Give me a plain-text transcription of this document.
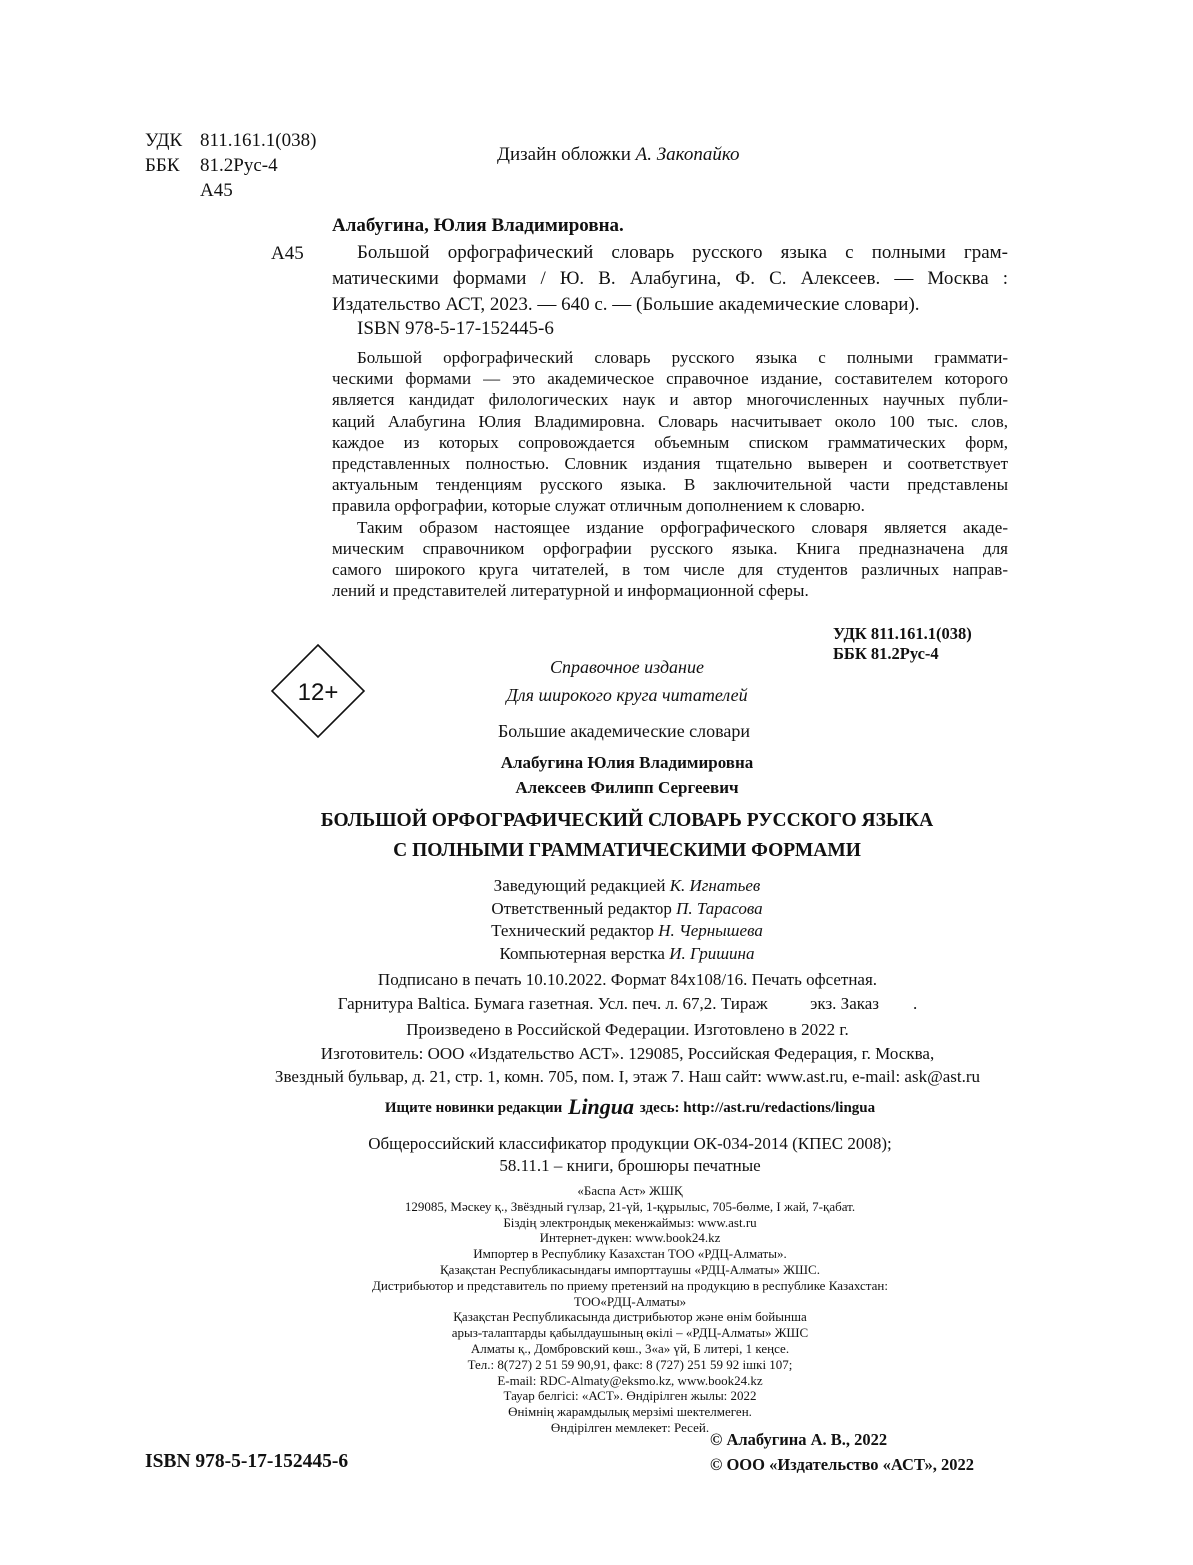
УДК 811.161.1(038)
ББК	81.2Рус-4
А45
Дизайн обложки А. Закопайко
Алабугина, Юлия Владимировна.
А45	Большой орфографический словарь русского языка с полными грам-
матическими формами / Ю. В. Алабугина, Ф. С. Алексеев. — Москва :
Издательство АСТ, 2023. — 640 с. — (Большие академические словари).
ISBN 978-5-17-152445-6
Большой орфографический словарь русского языка с полными граммати-
ческими формами — это академическое справочное издание, составителем которого
является кандидат филологических наук и автор многочисленных научных публи-
каций Алабугина Юлия Владимировна. Словарь насчитывает около 100 тыс. слов,
каждое из которых сопровождается объемным списком грамматических форм,
представленных полностью. Словник издания тщательно выверен и соответствует
актуальным тенденциям русского языка. В заключительной части представлены
правила орфографии, которые служат отличным дополнением к словарю.
Таким образом настоящее издание орфографического словаря является акаде-
мическим справочником орфографии русского языка. Книга предназначена для
самого широкого круга читателей, в том числе для студентов различных направ-
лений и представителей литературной и информационной сферы.
УДК 811.161.1(038)
ББК 81.2Рус-4
12+
Справочное издание
Для широкого круга читателей
Большие академические словари
Алабугина Юлия Владимировна
Алексеев Филипп Сергеевич
БОЛЬШОЙ ОРФОГРАФИЧЕСКИЙ СЛОВАРЬ РУССКОГО ЯЗЫКА
С ПОЛНЫМИ ГРАММАТИЧЕСКИМИ ФОРМАМИ
Заведующий редакцией К. Игнатьев
Ответственный редактор П. Тарасова
Технический редактор Н. Чернышева
Компьютерная верстка И. Гришина
Подписано в печать 10.10.2022. Формат 84x108/16. Печать офсетная.
Гарнитура Baltica. Бумага газетная. Усл. печ. л. 67,2. Тираж          экз. Заказ        .
Произведено в Российской Федерации. Изготовлено в 2022 г.
Изготовитель: ООО «Издательство АСТ». 129085, Российская Федерация, г. Москва,
Звездный бульвар, д. 21, стр. 1, комн. 705, пом. I, этаж 7. Наш сайт: www.ast.ru, e-mail: ask@ast.ru
Ищите новинки редакции Lingua здесь: http://ast.ru/redactions/lingua
Общероссийский классификатор продукции ОК-034-2014 (КПЕС 2008);
58.11.1 – книги, брошюры печатные
«Баспа Аст» ЖШҚ
129085, Мәскеу қ., Звёздный гүлзар, 21-үй, 1-құрылыс, 705-бөлме, I жай, 7-қабат.
Біздің электрондық мекенжаймыз: www.ast.ru
Интернет-дүкен: www.book24.kz
Импортер в Республику Казахстан ТОО «РДЦ-Алматы».
Қазақстан Республикасындағы импорттаушы «РДЦ-Алматы» ЖШС.
Дистрибьютор и представитель по приему претензий на продукцию в республике Казахстан:
ТОО«РДЦ-Алматы»
Қазақстан Республикасында дистрибьютор және өнім бойынша
арыз-талаптарды қабылдаушының өкілі – «РДЦ-Алматы» ЖШС
Алматы қ., Домбровский көш., 3«а» үй, Б литері, 1 кеңсе.
Тел.: 8(727) 2 51 59 90,91, факс: 8 (727) 251 59 92 ішкі 107;
E-mail: RDC-Almaty@eksmo.kz, www.book24.kz
Тауар белгісі: «АСТ». Өндірілген жылы: 2022
Өнімнің жарамдылық мерзімі шектелмеген.
Өндірілген мемлекет: Ресей.
© Алабугина А. В., 2022
© ООО «Издательство «АСТ», 2022
ISBN 978-5-17-152445-6
